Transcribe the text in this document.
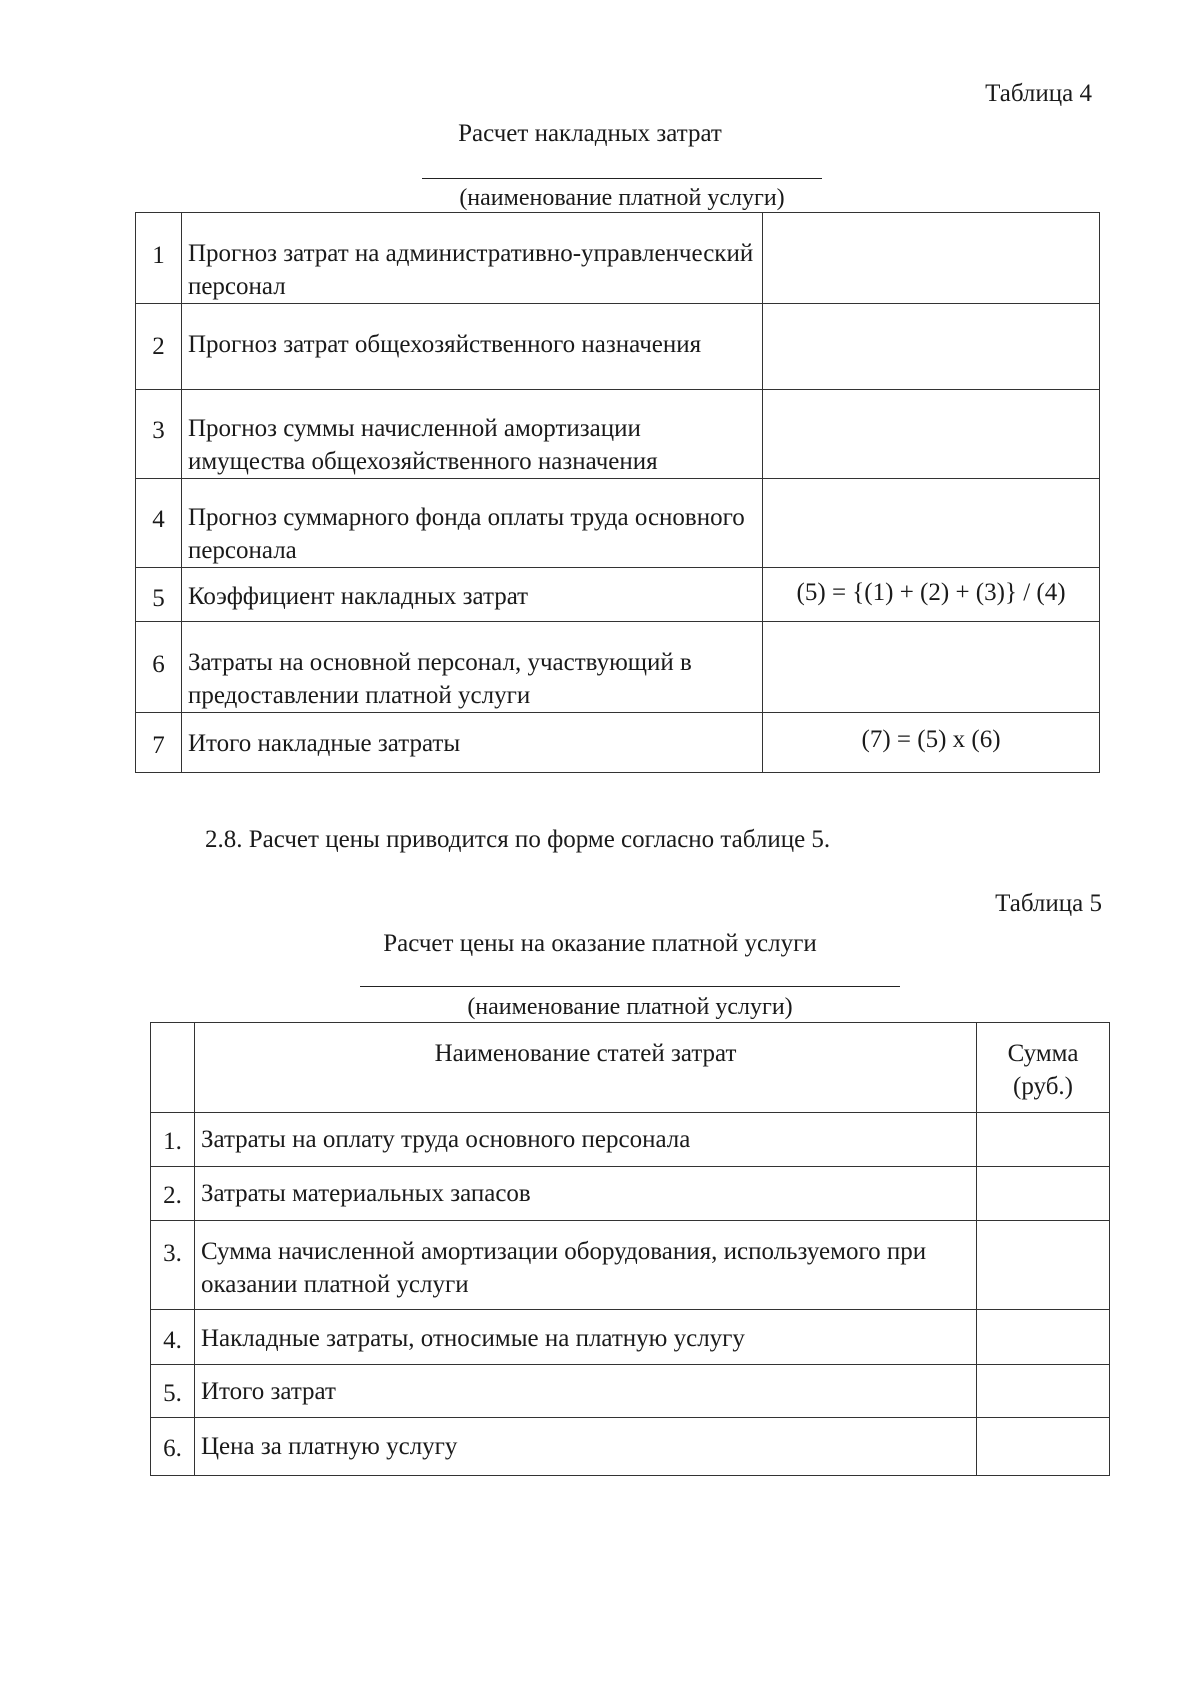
Таблица 4
Расчет накладных затрат
(наименование платной услуги)
1	Прогноз затрат на административно-управленческий персонал	
2	Прогноз затрат общехозяйственного назначения	
3	Прогноз суммы начисленной амортизации имущества общехозяйственного назначения	
4	Прогноз суммарного фонда оплаты труда основного персонала	
5	Коэффициент накладных затрат	(5) = {(1) + (2) + (3)} / (4)
6	Затраты на основной персонал, участвующий в предоставлении платной услуги	
7	Итого накладные затраты	(7) = (5) x (6)
2.8. Расчет цены приводится по форме согласно таблице 5.
Таблица 5
Расчет цены на оказание платной услуги
(наименование платной услуги)
	Наименование статей затрат	Сумма (руб.)
1.	Затраты на оплату труда основного персонала	
2.	Затраты материальных запасов	
3.	Сумма начисленной амортизации оборудования, используемого при оказании платной услуги	
4.	Накладные затраты, относимые на платную услугу	
5.	Итого затрат	
6.	Цена за платную услугу	
